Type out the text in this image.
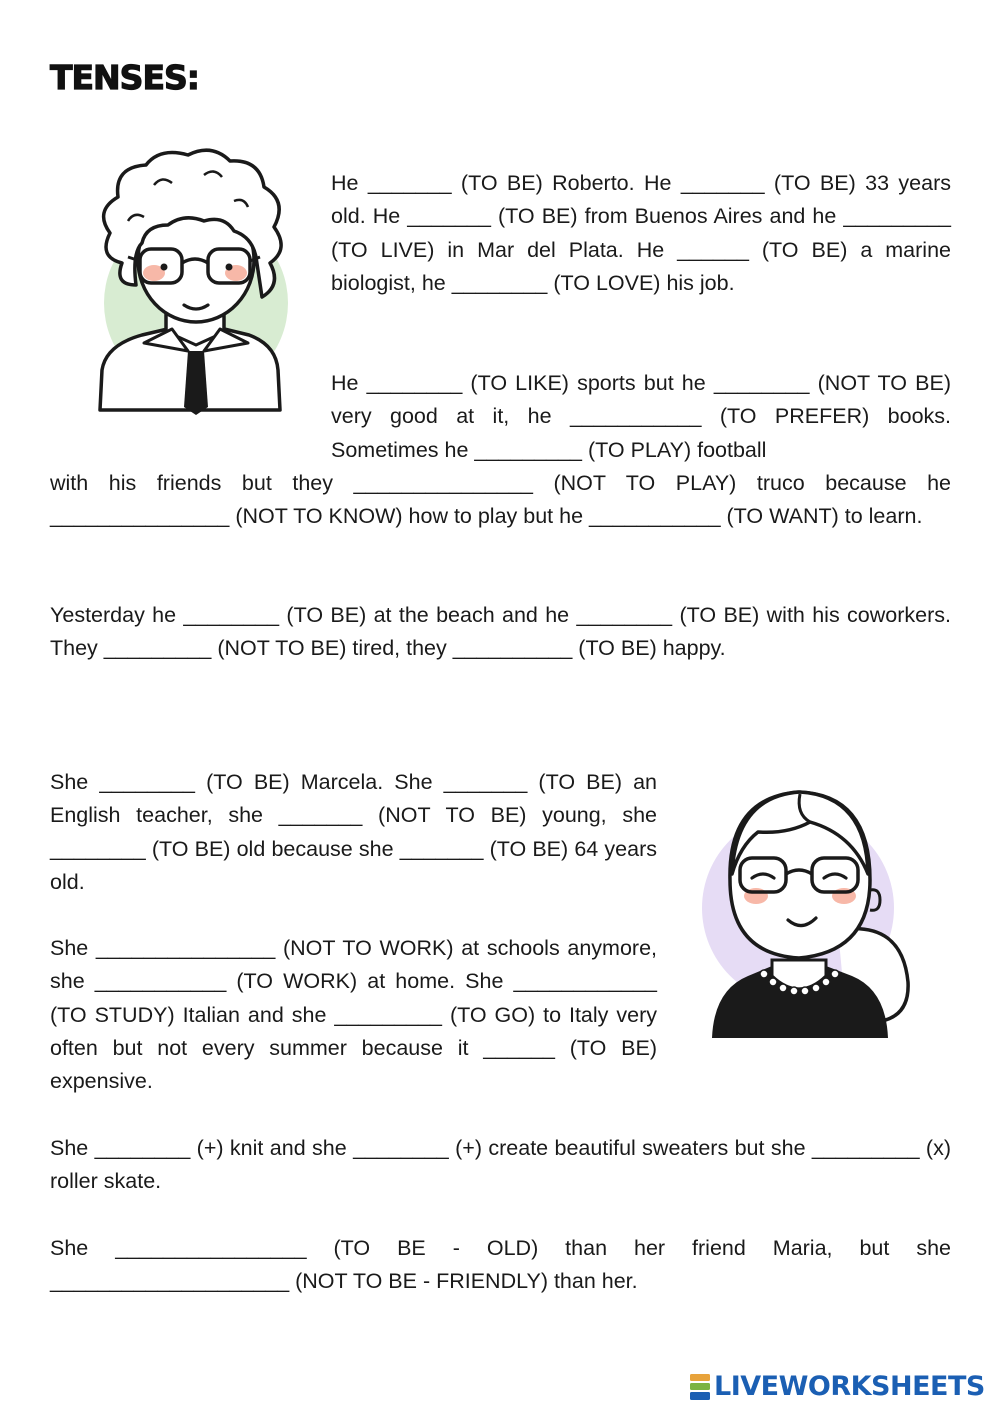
TENSES:

He _______ (TO BE) Roberto. He _______ (TO BE) 33 years old. He _______ (TO BE) from Buenos Aires and he _________ (TO LIVE) in Mar del Plata. He ______ (TO BE) a marine biologist, he ________ (TO LOVE) his job.

He ________ (TO LIKE) sports but he ________ (NOT TO BE) very good at it, he ___________ (TO PREFER) books. Sometimes he _________ (TO PLAY) football

with his friends but they _______________ (NOT TO PLAY) truco because he _______________ (NOT TO KNOW) how to play but he ___________ (TO WANT) to learn.

Yesterday he ________ (TO BE) at the beach and he ________ (TO BE) with his coworkers. They _________ (NOT TO BE) tired, they __________ (TO BE) happy.

She ________ (TO BE) Marcela. She _______ (TO BE) an English teacher, she _______ (NOT TO BE) young, she ________ (TO BE) old because she _______ (TO BE) 64 years old.

She _______________ (NOT TO WORK) at schools anymore, she ___________ (TO WORK) at home. She ____________ (TO STUDY) Italian and she _________ (TO GO) to Italy very often but not every summer because it ______ (TO BE) expensive.

She ________ (+) knit and she ________ (+) create beautiful sweaters but she _________ (x) roller skate.

She ________________ (TO BE - OLD) than her friend Maria, but she ____________________ (NOT TO BE - FRIENDLY) than her.

LIVEWORKSHEETS
